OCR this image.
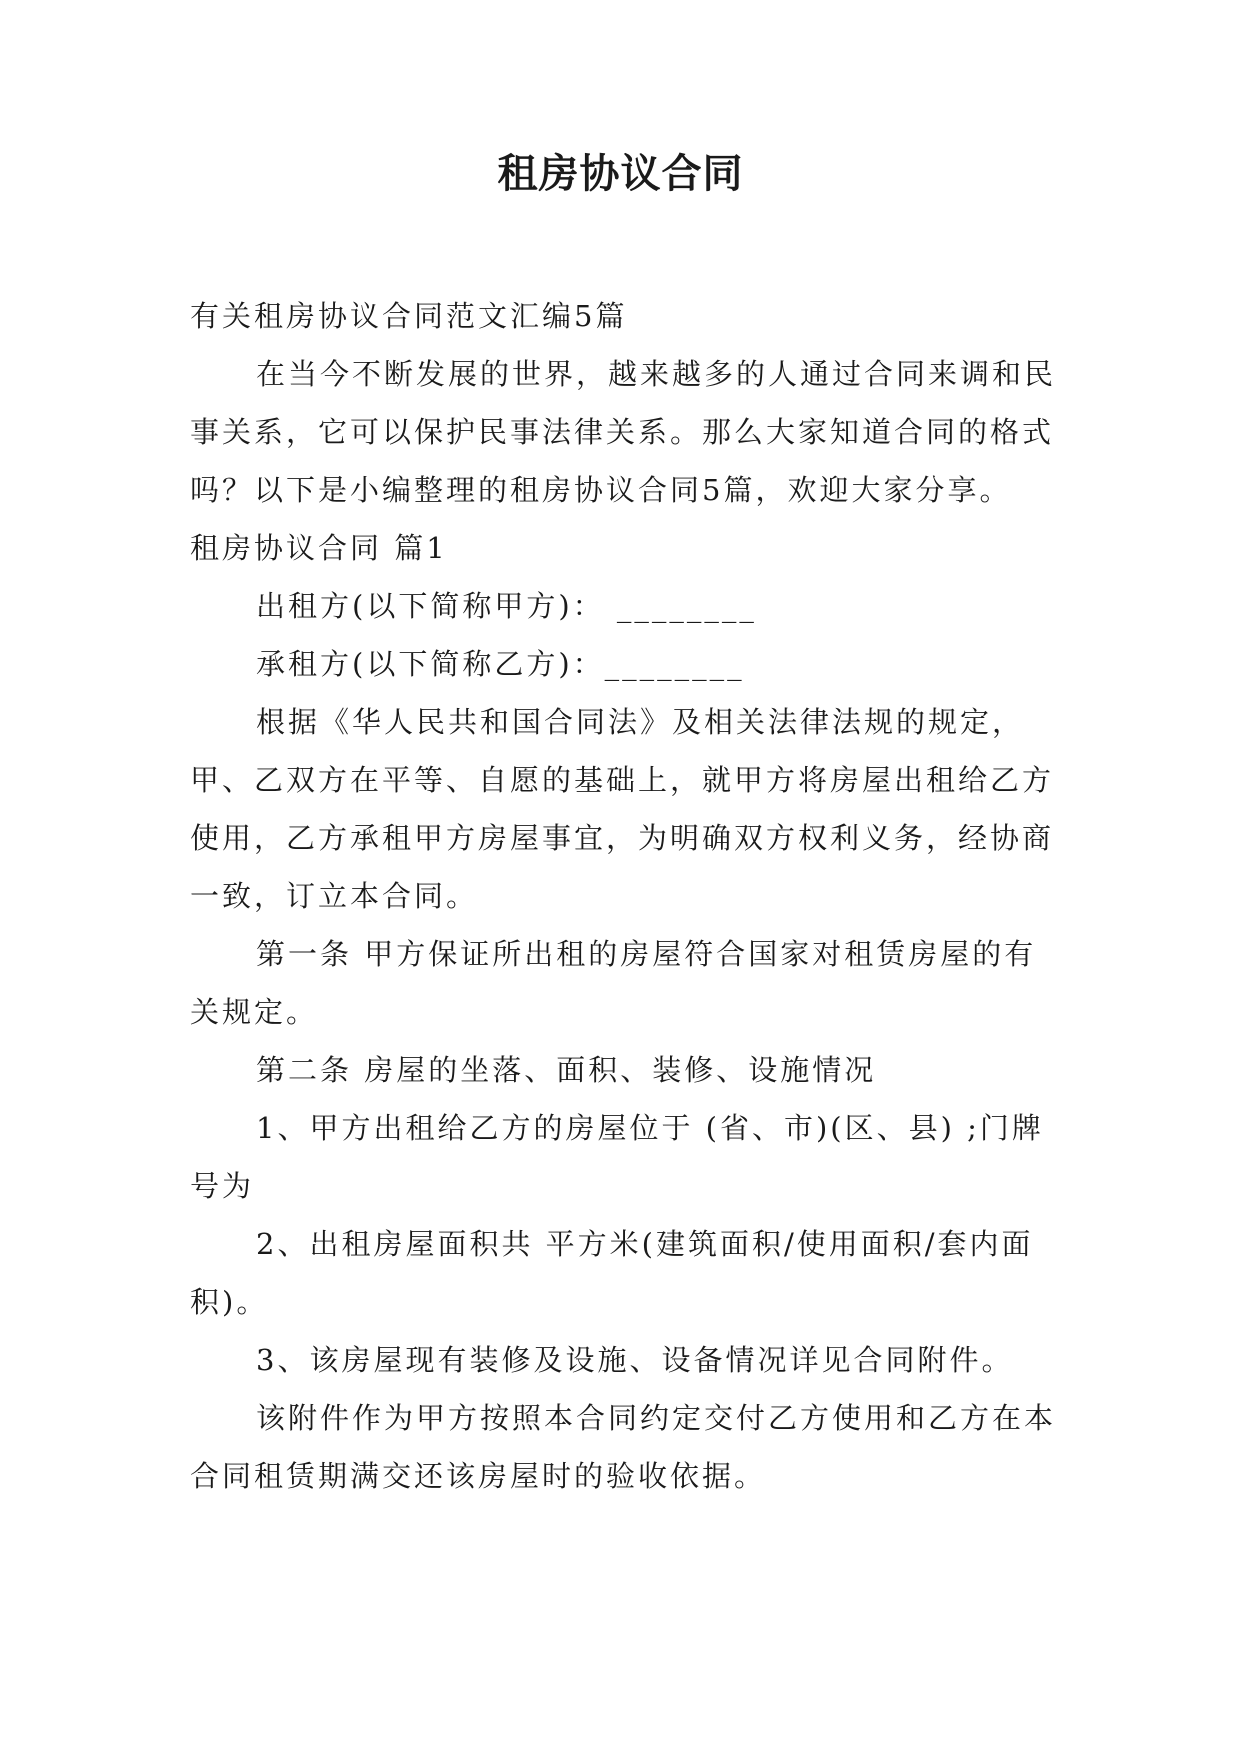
租房协议合同

有关租房协议合同范文汇编5篇

在当今不断发展的世界，越来越多的人通过合同来调和民事关系，它可以保护民事法律关系。那么大家知道合同的格式吗？以下是小编整理的租房协议合同5篇，欢迎大家分享。

租房协议合同 篇1

出租方(以下简称甲方)： ________

承租方(以下简称乙方)：________

根据《华人民共和国合同法》及相关法律法规的规定，甲、乙双方在平等、自愿的基础上，就甲方将房屋出租给乙方使用，乙方承租甲方房屋事宜，为明确双方权利义务，经协商一致，订立本合同。

第一条 甲方保证所出租的房屋符合国家对租赁房屋的有关规定。

第二条 房屋的坐落、面积、装修、设施情况

1、甲方出租给乙方的房屋位于 (省、市)(区、县) ;门牌号为

2、出租房屋面积共 平方米(建筑面积/使用面积/套内面积)。

3、该房屋现有装修及设施、设备情况详见合同附件。

该附件作为甲方按照本合同约定交付乙方使用和乙方在本合同租赁期满交还该房屋时的验收依据。
